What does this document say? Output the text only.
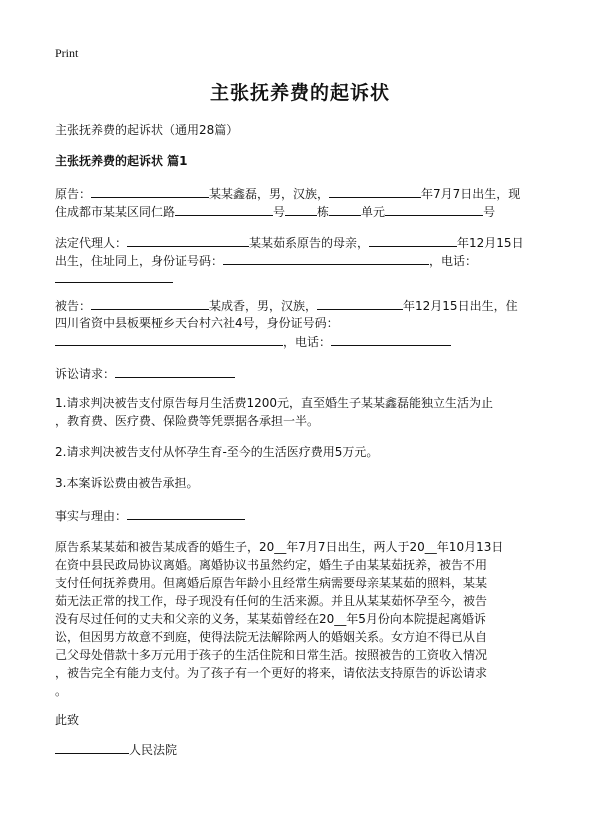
Print
主张抚养费的起诉状
主张抚养费的起诉状（通用28篇）
主张抚养费的起诉状 篇1
原告：	某某鑫磊，男，汉族，	年7月7日出生，现
住成都市某某区同仁路	号	栋	单元	号
法定代理人：	某某茹系原告的母亲，	年12月15日
出生，住址同上，身份证号码：	，电话：
被告：	某成香，男，汉族，	年12月15日出生，住
四川省资中县板栗桠乡天台村六社4号，身份证号码：
，电话：
诉讼请求：
1.请求判决被告支付原告每月生活费1200元，直至婚生子某某鑫磊能独立生活为止
，教育费、医疗费、保险费等凭票据各承担一半。
2.请求判决被告支付从怀孕生育-至今的生活医疗费用5万元。
3.本案诉讼费由被告承担。
事实与理由：
原告系某某茹和被告某成香的婚生子，20__年7月7日出生，两人于20__年10月13日
在资中县民政局协议离婚。离婚协议书虽然约定，婚生子由某某茹抚养，被告不用
支付任何抚养费用。但离婚后原告年龄小且经常生病需要母亲某某茹的照料，某某
茹无法正常的找工作，母子现没有任何的生活来源。并且从某某茹怀孕至今，被告
没有尽过任何的丈夫和父亲的义务，某某茹曾经在20__年5月份向本院提起离婚诉
讼，但因男方故意不到庭，使得法院无法解除两人的婚姻关系。女方迫不得已从自
己父母处借款十多万元用于孩子的生活住院和日常生活。按照被告的工资收入情况
，被告完全有能力支付。为了孩子有一个更好的将来，请依法支持原告的诉讼请求
。
此致
人民法院
